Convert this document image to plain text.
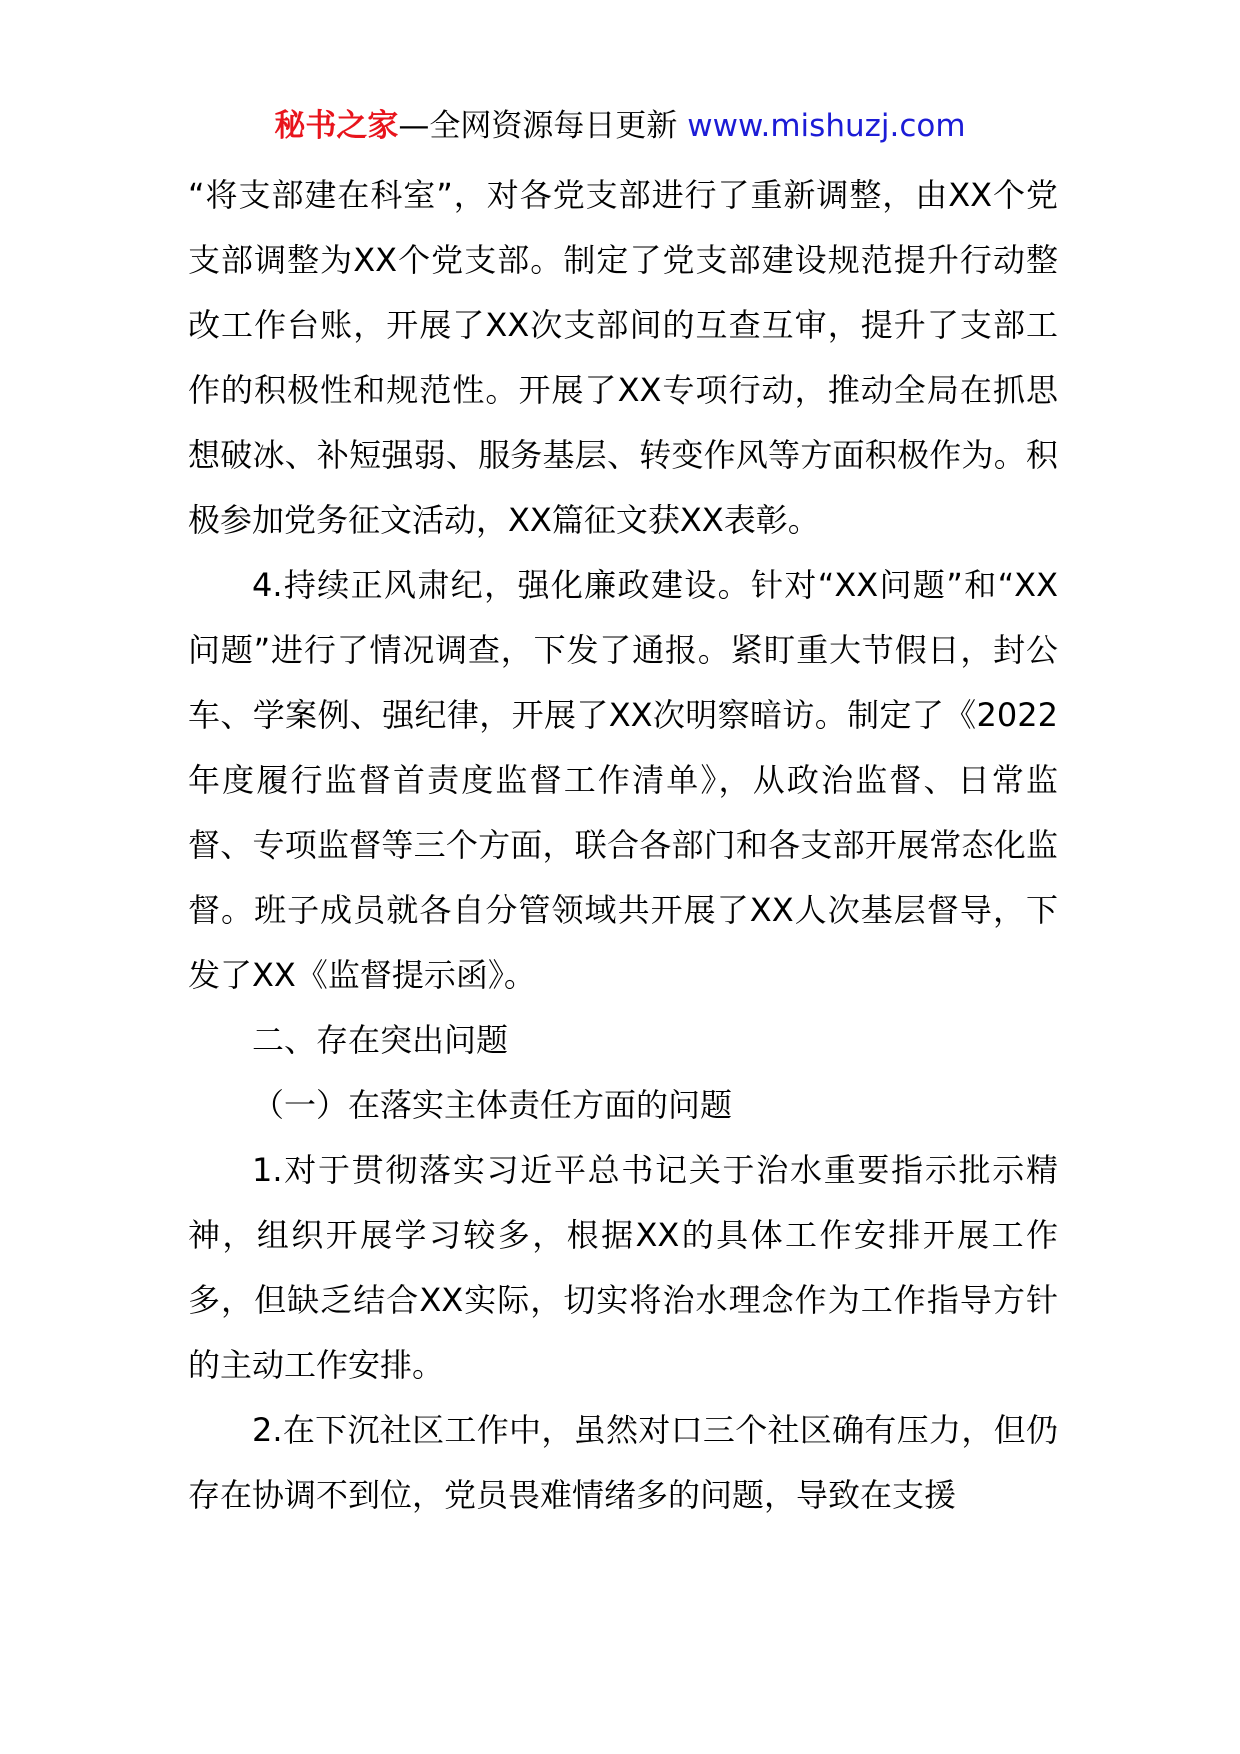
秘书之家—全网资源每日更新 www.mishuzj.com

“将支部建在科室”，对各党支部进行了重新调整，由XX个党支部调整为XX个党支部。制定了党支部建设规范提升行动整改工作台账，开展了XX次支部间的互查互审，提升了支部工作的积极性和规范性。开展了XX专项行动，推动全局在抓思想破冰、补短强弱、服务基层、转变作风等方面积极作为。积极参加党务征文活动，XX篇征文获XX表彰。

4.持续正风肃纪，强化廉政建设。针对“XX问题”和“XX问题”进行了情况调查，下发了通报。紧盯重大节假日，封公车、学案例、强纪律，开展了XX次明察暗访。制定了《2022年度履行监督首责度监督工作清单》，从政治监督、日常监督、专项监督等三个方面，联合各部门和各支部开展常态化监督。班子成员就各自分管领域共开展了XX人次基层督导，下发了XX《监督提示函》。

二、存在突出问题

（一）在落实主体责任方面的问题

1.对于贯彻落实习近平总书记关于治水重要指示批示精神，组织开展学习较多，根据XX的具体工作安排开展工作多，但缺乏结合XX实际，切实将治水理念作为工作指导方针的主动工作安排。

2.在下沉社区工作中，虽然对口三个社区确有压力，但仍存在协调不到位，党员畏难情绪多的问题，导致在支援
